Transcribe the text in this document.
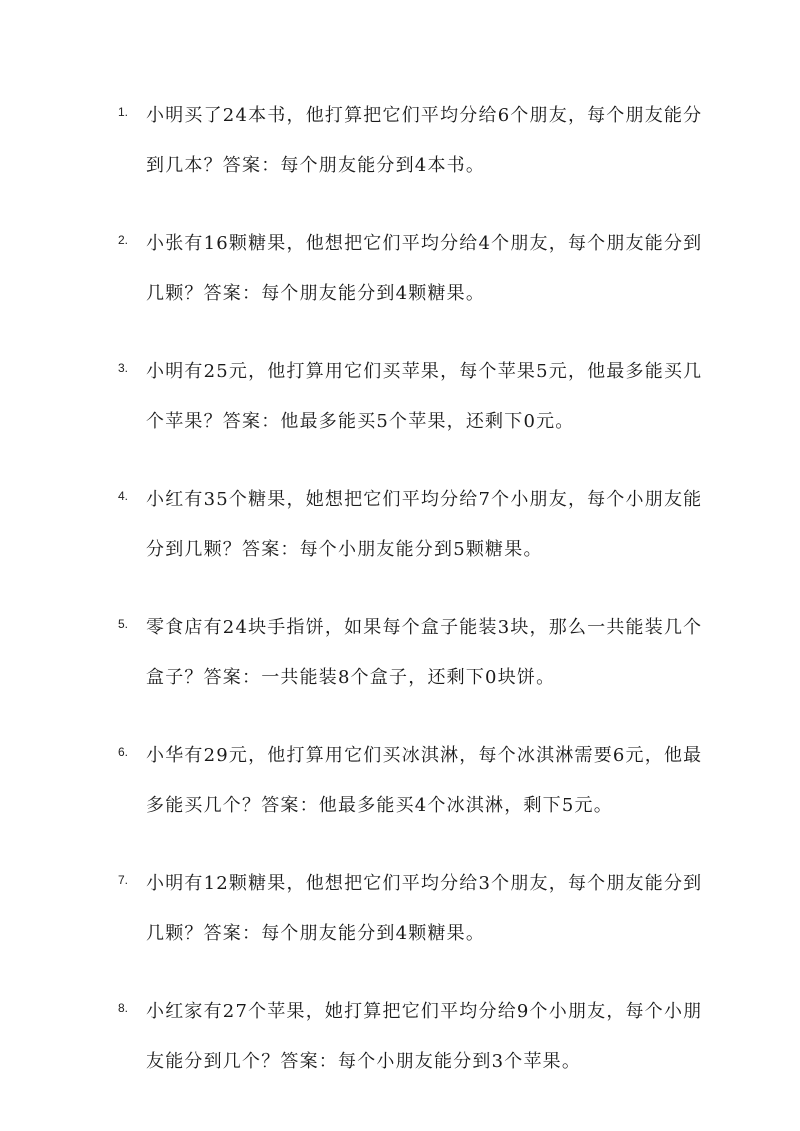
1. 小明买了24本书，他打算把它们平均分给6个朋友，每个朋友能分到几本？答案：每个朋友能分到4本书。
2. 小张有16颗糖果，他想把它们平均分给4个朋友，每个朋友能分到几颗？答案：每个朋友能分到4颗糖果。
3. 小明有25元，他打算用它们买苹果，每个苹果5元，他最多能买几个苹果？答案：他最多能买5个苹果，还剩下0元。
4. 小红有35个糖果，她想把它们平均分给7个小朋友，每个小朋友能分到几颗？答案：每个小朋友能分到5颗糖果。
5. 零食店有24块手指饼，如果每个盒子能装3块，那么一共能装几个盒子？答案：一共能装8个盒子，还剩下0块饼。
6. 小华有29元，他打算用它们买冰淇淋，每个冰淇淋需要6元，他最多能买几个？答案：他最多能买4个冰淇淋，剩下5元。
7. 小明有12颗糖果，他想把它们平均分给3个朋友，每个朋友能分到几颗？答案：每个朋友能分到4颗糖果。
8. 小红家有27个苹果，她打算把它们平均分给9个小朋友，每个小朋友能分到几个？答案：每个小朋友能分到3个苹果。
